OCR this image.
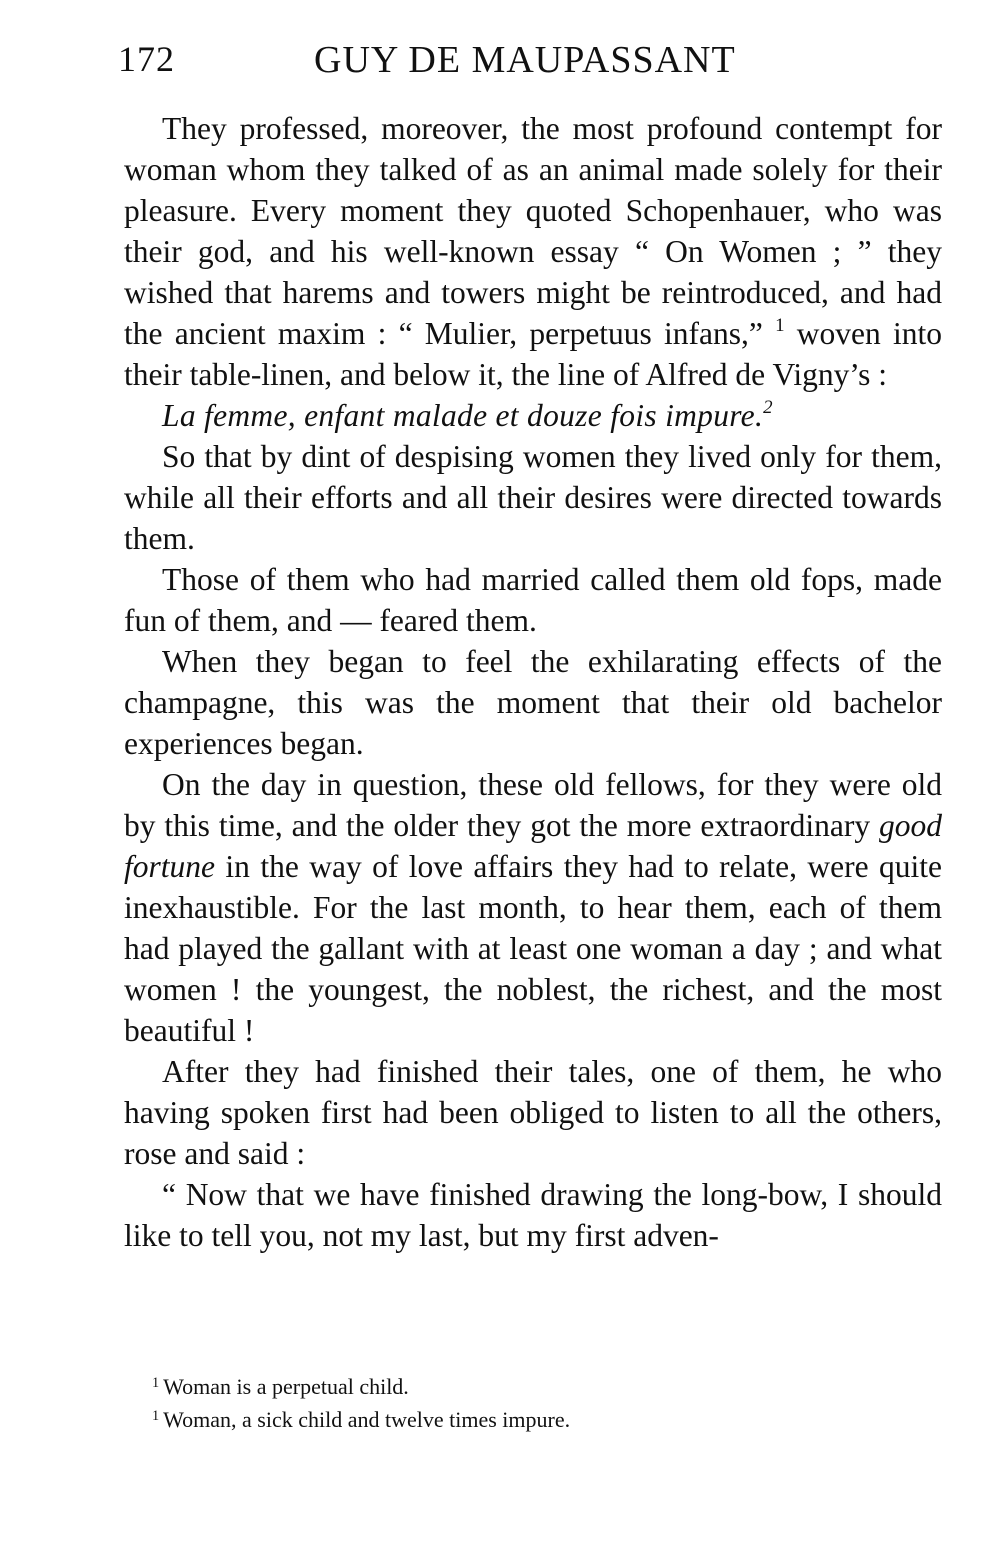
172	GUY DE MAUPASSANT

They professed, moreover, the most profound contempt for woman whom they talked of as an animal made solely for their pleasure. Every moment they quoted Schopenhauer, who was their god, and his well-known essay “ On Women ; ” they wished that harems and towers might be reintroduced, and had the ancient maxim : “ Mulier, perpetuus infans,” $^1$ woven into their table-linen, and below it, the line of Alfred de Vigny’s :

La femme, enfant malade et douze fois impure.$^2$

So that by dint of despising women they lived only for them, while all their efforts and all their desires were directed towards them.

Those of them who had married called them old fops, made fun of them, and — feared them.

When they began to feel the exhilarating effects of the champagne, this was the moment that their old bachelor experiences began.

On the day in question, these old fellows, for they were old by this time, and the older they got the more extraordinary good fortune in the way of love affairs they had to relate, were quite inexhaustible. For the last month, to hear them, each of them had played the gallant with at least one woman a day ; and what women ! the youngest, the noblest, the richest, and the most beautiful !

After they had finished their tales, one of them, he who having spoken first had been obliged to listen to all the others, rose and said :

“ Now that we have finished drawing the long-bow, I should like to tell you, not my last, but my first adven-

$^1$ Woman is a perpetual child.

$^1$ Woman, a sick child and twelve times impure.
